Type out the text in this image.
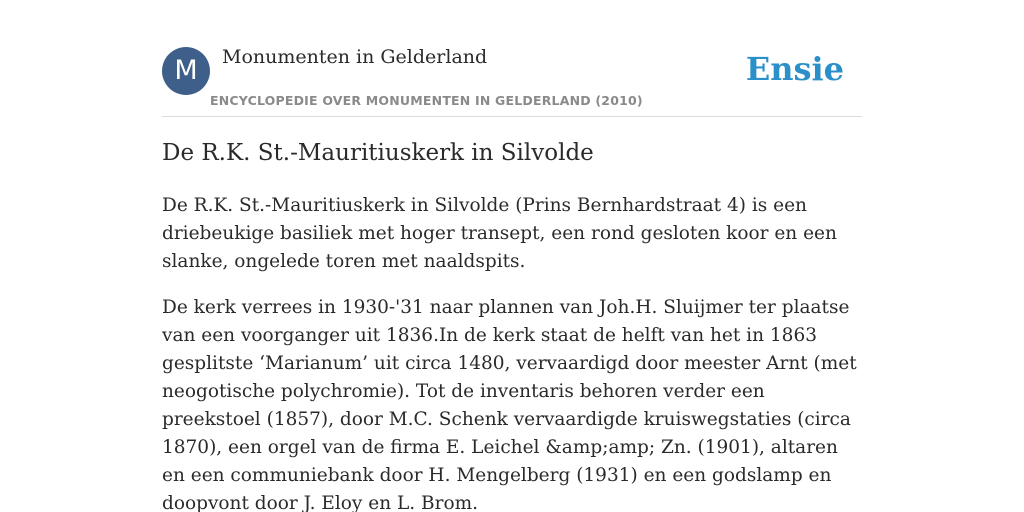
M	Monumenten in Gelderland
ENCYCLOPEDIE OVER MONUMENTEN IN GELDERLAND (2010)
Ensie
De R.K. St.-Mauritiuskerk in Silvolde

De R.K. St.-Mauritiuskerk in Silvolde (Prins Bernhardstraat 4) is een driebeukige basiliek met hoger transept, een rond gesloten koor en een slanke, ongelede toren met naaldspits.

De kerk verrees in 1930-'31 naar plannen van Joh.H. Sluijmer ter plaatse van een voorganger uit 1836.In de kerk staat de helft van het in 1863 gesplitste ‘Marianum’ uit circa 1480, vervaardigd door meester Arnt (met neogotische polychromie). Tot de inventaris behoren verder een preekstoel (1857), door M.C. Schenk vervaardigde kruiswegstaties (circa 1870), een orgel van de firma E. Leichel &amp;amp; Zn. (1901), altaren en een communiebank door H. Mengelberg (1931) en een godslamp en doopvont door J. Eloy en L. Brom.
